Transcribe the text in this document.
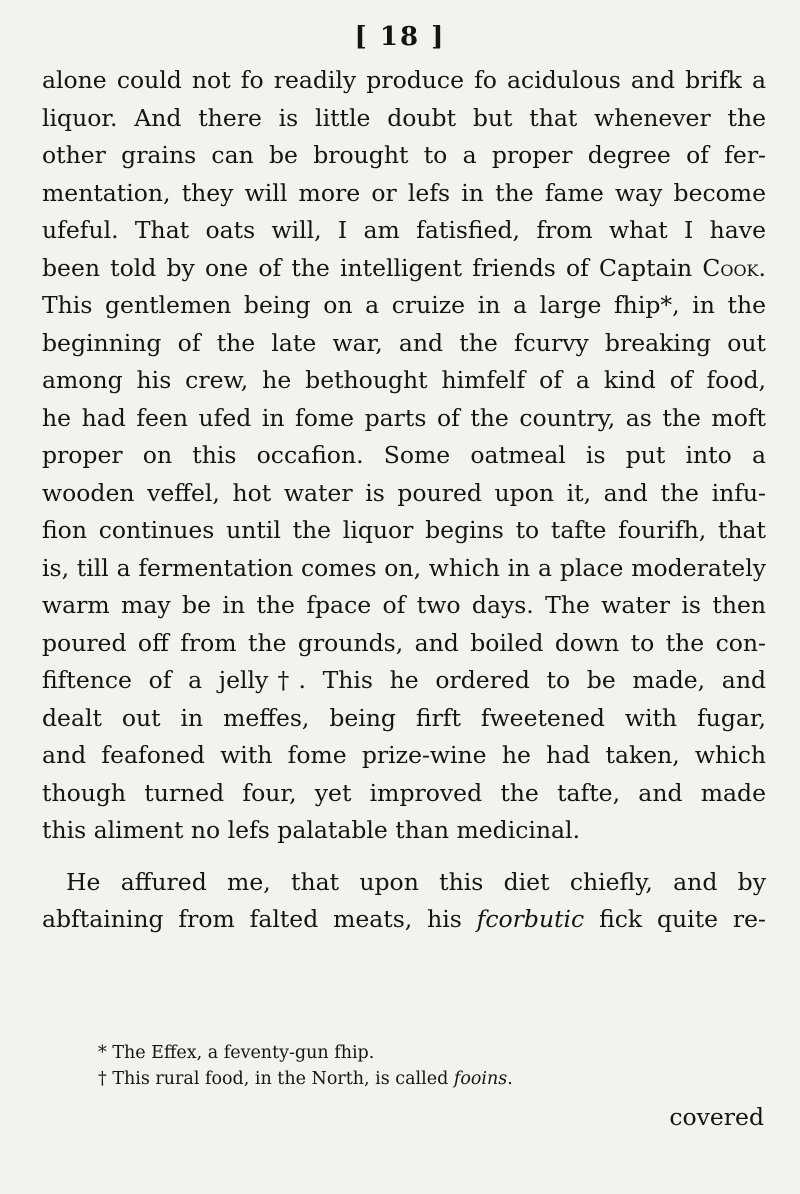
[ 18 ]
alone could not fo readily produce fo acidulous and brifk a
liquor. And there is little doubt but that whenever the
other grains can be brought to a proper degree of fer-
mentation, they will more or lefs in the fame way become
ufeful. That oats will, I am fatisfied, from what I have
been told by one of the intelligent friends of Captain Cook.
This gentlemen being on a cruize in a large fhip*, in the
beginning of the late war, and the fcurvy breaking out
among his crew, he bethought himfelf of a kind of food,
he had feen ufed in fome parts of the country, as the moft
proper on this occafion. Some oatmeal is put into a
wooden veffel, hot water is poured upon it, and the infu-
fion continues until the liquor begins to tafte fourifh, that
is, till a fermentation comes on, which in a place moderately
warm may be in the fpace of two days. The water is then
poured off from the grounds, and boiled down to the con-
fiftence of a jelly†. This he ordered to be made, and
dealt out in meffes, being firft fweetened with fugar,
and feafoned with fome prize-wine he had taken, which
though turned four, yet improved the tafte, and made
this aliment no lefs palatable than medicinal.
He affured me, that upon this diet chiefly, and by
abftaining from falted meats, his fcorbutic fick quite re-
* The Effex, a feventy-gun fhip.
† This rural food, in the North, is called fooins.
covered
